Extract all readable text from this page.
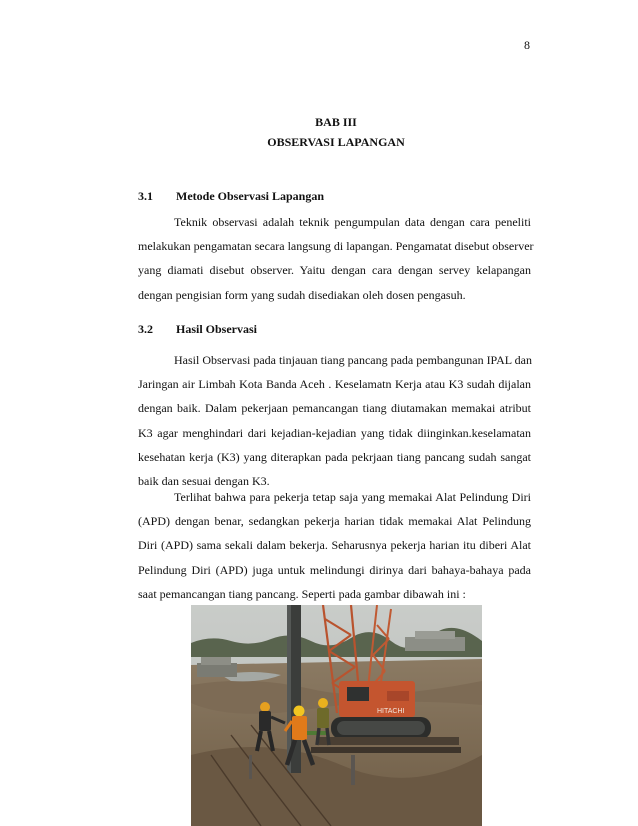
8
BAB III
OBSERVASI LAPANGAN
3.1 Metode Observasi Lapangan
Teknik observasi adalah teknik pengumpulan data dengan cara peneliti
melakukan pengamatan secara langsung di lapangan. Pengamatat disebut observer
yang diamati disebut observer. Yaitu dengan cara dengan servey kelapangan
dengan pengisian form yang sudah disediakan oleh dosen pengasuh.
3.2 Hasil Observasi
Hasil Observasi pada tinjauan tiang pancang pada pembangunan IPAL dan
Jaringan air Limbah Kota Banda Aceh . Keselamatn Kerja atau K3 sudah dijalan
dengan baik. Dalam pekerjaan pemancangan tiang diutamakan memakai atribut
K3 agar menghindari dari kejadian-kejadian yang tidak diinginkan.keselamatan
kesehatan kerja (K3) yang diterapkan pada pekrjaan tiang pancang sudah sangat
baik dan sesuai dengan K3.
Terlihat bahwa para pekerja tetap saja yang memakai Alat Pelindung Diri
(APD) dengan benar, sedangkan pekerja harian tidak memakai Alat Pelindung
Diri (APD) sama sekali dalam bekerja. Seharusnya pekerja harian itu diberi Alat
Pelindung Diri (APD) juga untuk melindungi dirinya dari bahaya-bahaya pada
saat pemancangan tiang pancang. Seperti pada gambar dibawah ini :
HITACHI
